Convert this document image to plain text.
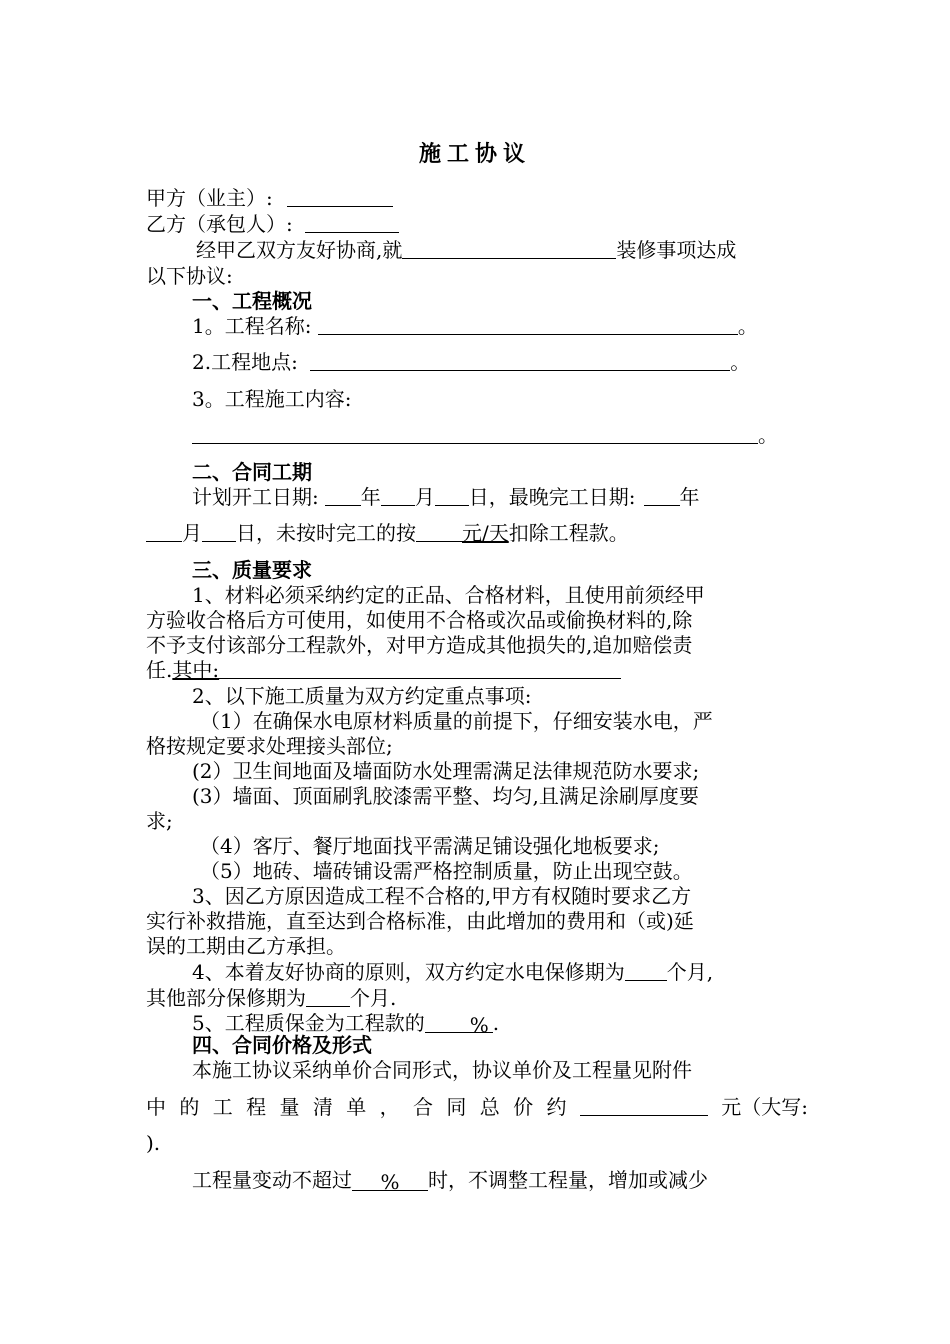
施工协议
甲方（业主）:
乙方（承包人）:
经甲乙双方友好协商,就	装修事项达成
以下协议:
一、工程概况
1。工程名称:	。
2.工程地点:	。
3。工程施工内容:
。
二、合同工期
计划开工日期: 年 月 日，最晚完工日期: 年
月 日，未按时完工的按 元/天扣除工程款。
三、质量要求
1、材料必须采纳约定的正品、合格材料，且使用前须经甲
方验收合格后方可使用，如使用不合格或次品或偷换材料的,除
不予支付该部分工程款外，对甲方造成其他损失的,追加赔偿责
任.其中:
2、以下施工质量为双方约定重点事项:
（1）在确保水电原材料质量的前提下，仔细安装水电，严
格按规定要求处理接头部位;
(2）卫生间地面及墙面防水处理需满足法律规范防水要求;
(3）墙面、顶面刷乳胶漆需平整、均匀,且满足涂刷厚度要
求;
（4）客厅、餐厅地面找平需满足铺设强化地板要求;
（5）地砖、墙砖铺设需严格控制质量，防止出现空鼓。
3、因乙方原因造成工程不合格的,甲方有权随时要求乙方
实行补救措施，直至达到合格标准，由此增加的费用和（或)延
误的工期由乙方承担。
4、本着友好协商的原则，双方约定水电保修期为 个月,
其他部分保修期为 个月.
5、工程质保金为工程款的 % .
四、合同价格及形式
本施工协议采纳单价合同形式，协议单价及工程量见附件
中 的 工 程 量 清 单 ， 合 同 总 价 约	元（大写:
).
工程量变动不超过 % 时，不调整工程量，增加或减少
